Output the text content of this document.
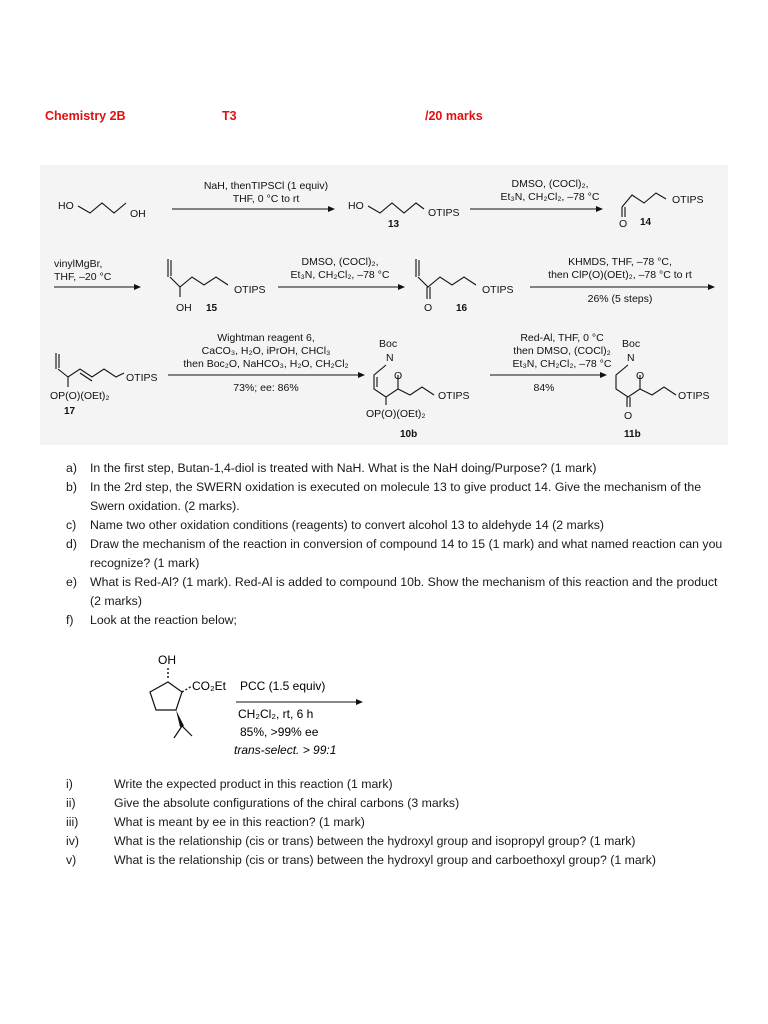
Chemistry 2B	T3	/20 marks
HO
OH
NaH, thenTIPSCl (1 equiv)
THF, 0 °C to rt
HO
OTIPS
13
DMSO, (COCl)₂,
Et₃N, CH₂Cl₂, –78 °C
O
OTIPS
14
vinylMgBr,
THF, –20 °C
OTIPS
OH 15
DMSO, (COCl)₂,
Et₃N, CH₂Cl₂, –78 °C
O
OTIPS
16
KHMDS, THF, –78 °C,
then ClP(O)(OEt)₂, –78 °C to rt
26% (5 steps)
OTIPS
OP(O)(OEt)₂
17
Wightman reagent 6,
CaCO₃, H₂O, iPrOH, CHCl₃
then Boc₂O, NaHCO₃, H₂O, CH₂Cl₂
73%; ee: 86%
Boc
N
O
OTIPS
OP(O)(OEt)₂
10b
Red-Al, THF, 0 °C
then DMSO, (COCl)₂
Et₃N, CH₂Cl₂, –78 °C
84%
Boc
N
O
OTIPS
O
11b
a) In the first step, Butan-1,4-diol is treated with NaH. What is the NaH doing/Purpose? (1 mark)
b) In the 2rd step, the SWERN oxidation is executed on molecule 13 to give product 14. Give the mechanism of the Swern oxidation. (2 marks).
c) Name two other oxidation conditions (reagents) to convert alcohol 13 to aldehyde 14 (2 marks)
d) Draw the mechanism of the reaction in conversion of compound 14 to 15 (1 mark) and what named reaction can you recognize? (1 mark)
e) What is Red-Al? (1 mark). Red-Al is added to compound 10b. Show the mechanism of this reaction and the product (2 marks)
f) Look at the reaction below;
OH
CO₂Et PCC (1.5 equiv)
CH₂Cl₂, rt, 6 h
85%, >99% ee
trans-select. > 99:1
i)	Write the expected product in this reaction (1 mark)
ii)	Give the absolute configurations of the chiral carbons (3 marks)
iii)	What is meant by ee in this reaction? (1 mark)
iv)	What is the relationship (cis or trans) between the hydroxyl group and isopropyl group? (1 mark)
v)	What is the relationship (cis or trans) between the hydroxyl group and carboethoxyl group? (1 mark)
